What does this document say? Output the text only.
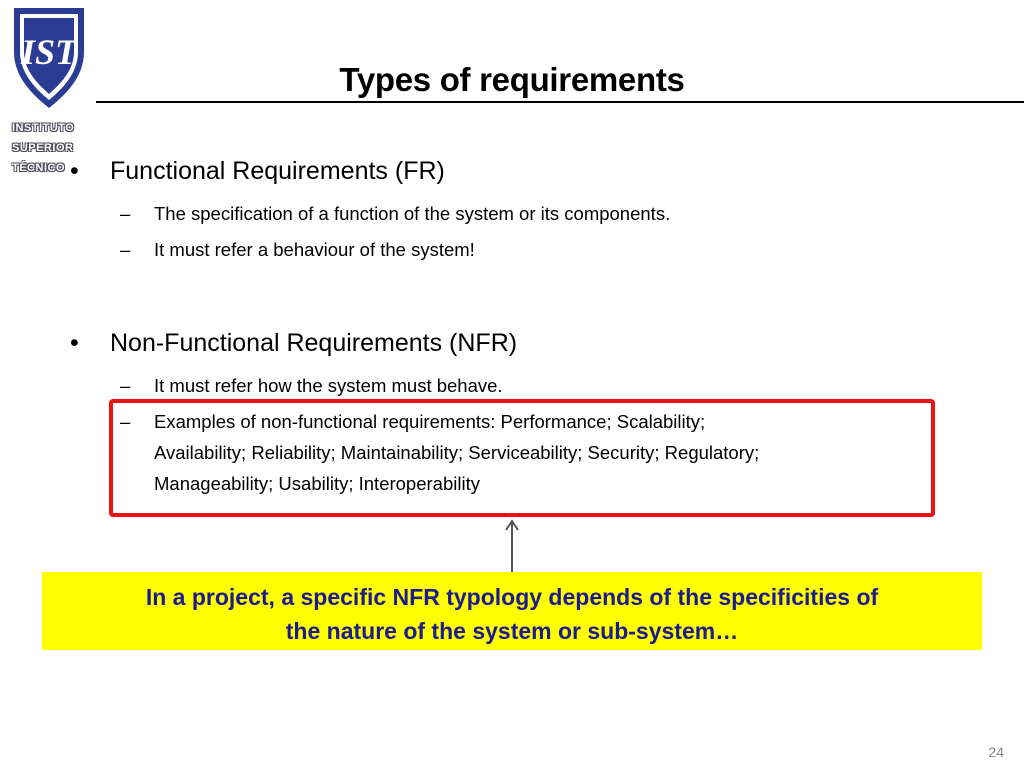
IST
INSTITUTO
SUPERIOR
TÉCNICO
Types of requirements
• Functional Requirements (FR)
– The specification of a function of the system or its components.
– It must refer a behaviour of the system!
• Non-Functional Requirements (NFR)
– It must refer how the system must behave.
– Examples of non-functional requirements: Performance; Scalability;
Availability; Reliability; Maintainability; Serviceability; Security; Regulatory;
Manageability; Usability; Interoperability
In a project, a specific NFR typology depends of the specificities of
the nature of the system or sub-system…
24
